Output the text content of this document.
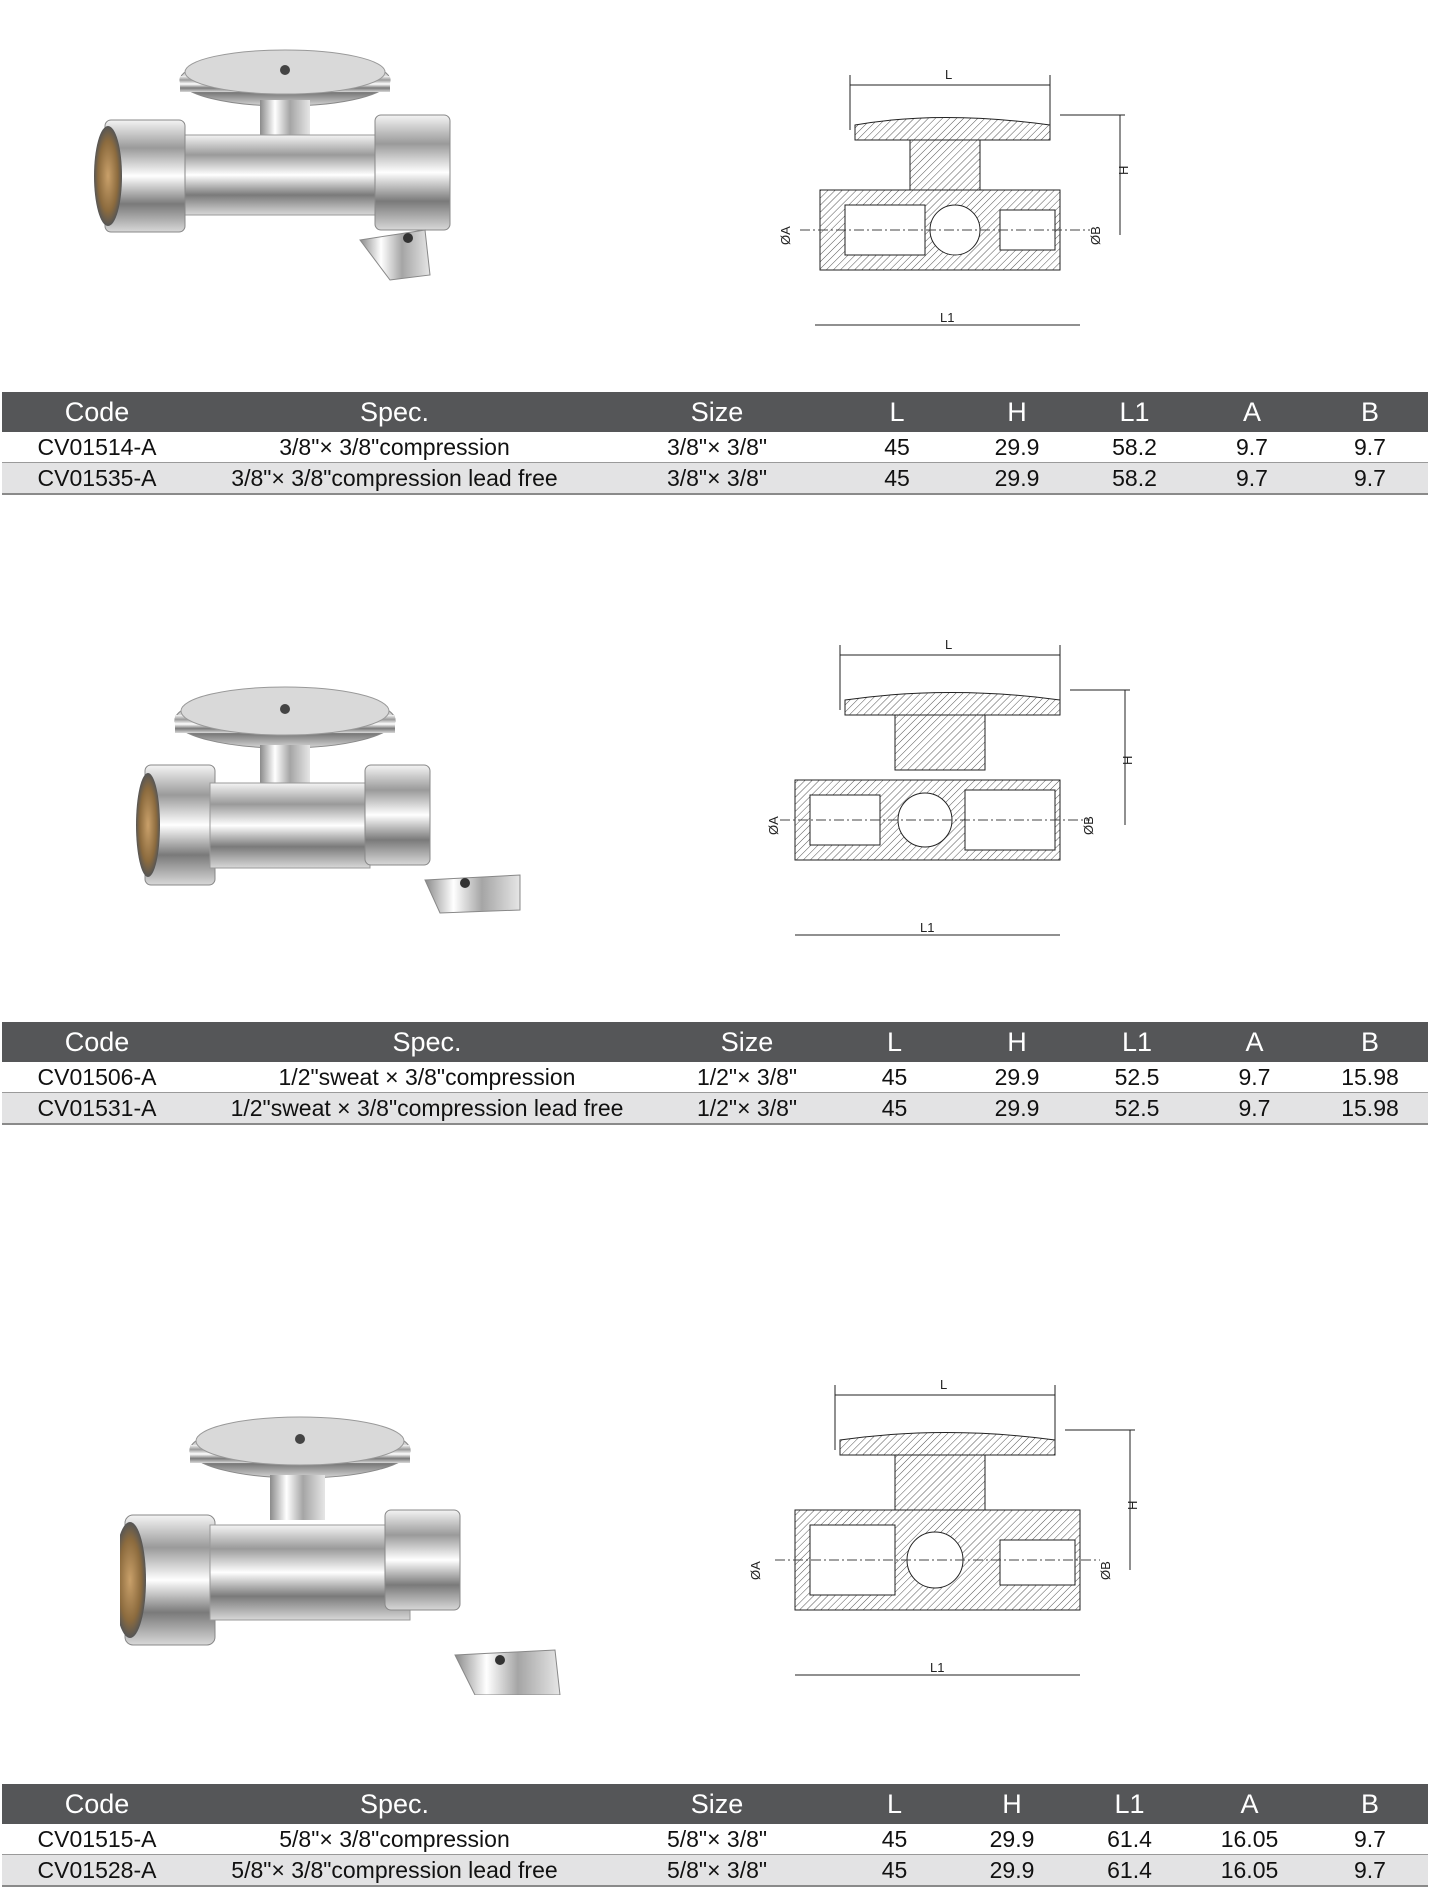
L
H
ØA	ØB
L1
Code	Spec.	Size	L	H	L1	A	B
CV01514-A	3/8"× 3/8"compression	3/8"× 3/8"	45	29.9	58.2	9.7	9.7
CV01535-A	3/8"× 3/8"compression lead free	3/8"× 3/8"	45	29.9	58.2	9.7	9.7
L
H
ØA	ØB
L1
Code	Spec.	Size	L	H	L1	A	B
CV01506-A	1/2"sweat × 3/8"compression	1/2"× 3/8"	45	29.9	52.5	9.7	15.98
CV01531-A	1/2"sweat × 3/8"compression lead free	1/2"× 3/8"	45	29.9	52.5	9.7	15.98
L
H
ØA	ØB
L1
Code	Spec.	Size	L	H	L1	A	B
CV01515-A	5/8"× 3/8"compression	5/8"× 3/8"	45	29.9	61.4	16.05	9.7
CV01528-A	5/8"× 3/8"compression lead free	5/8"× 3/8"	45	29.9	61.4	16.05	9.7
